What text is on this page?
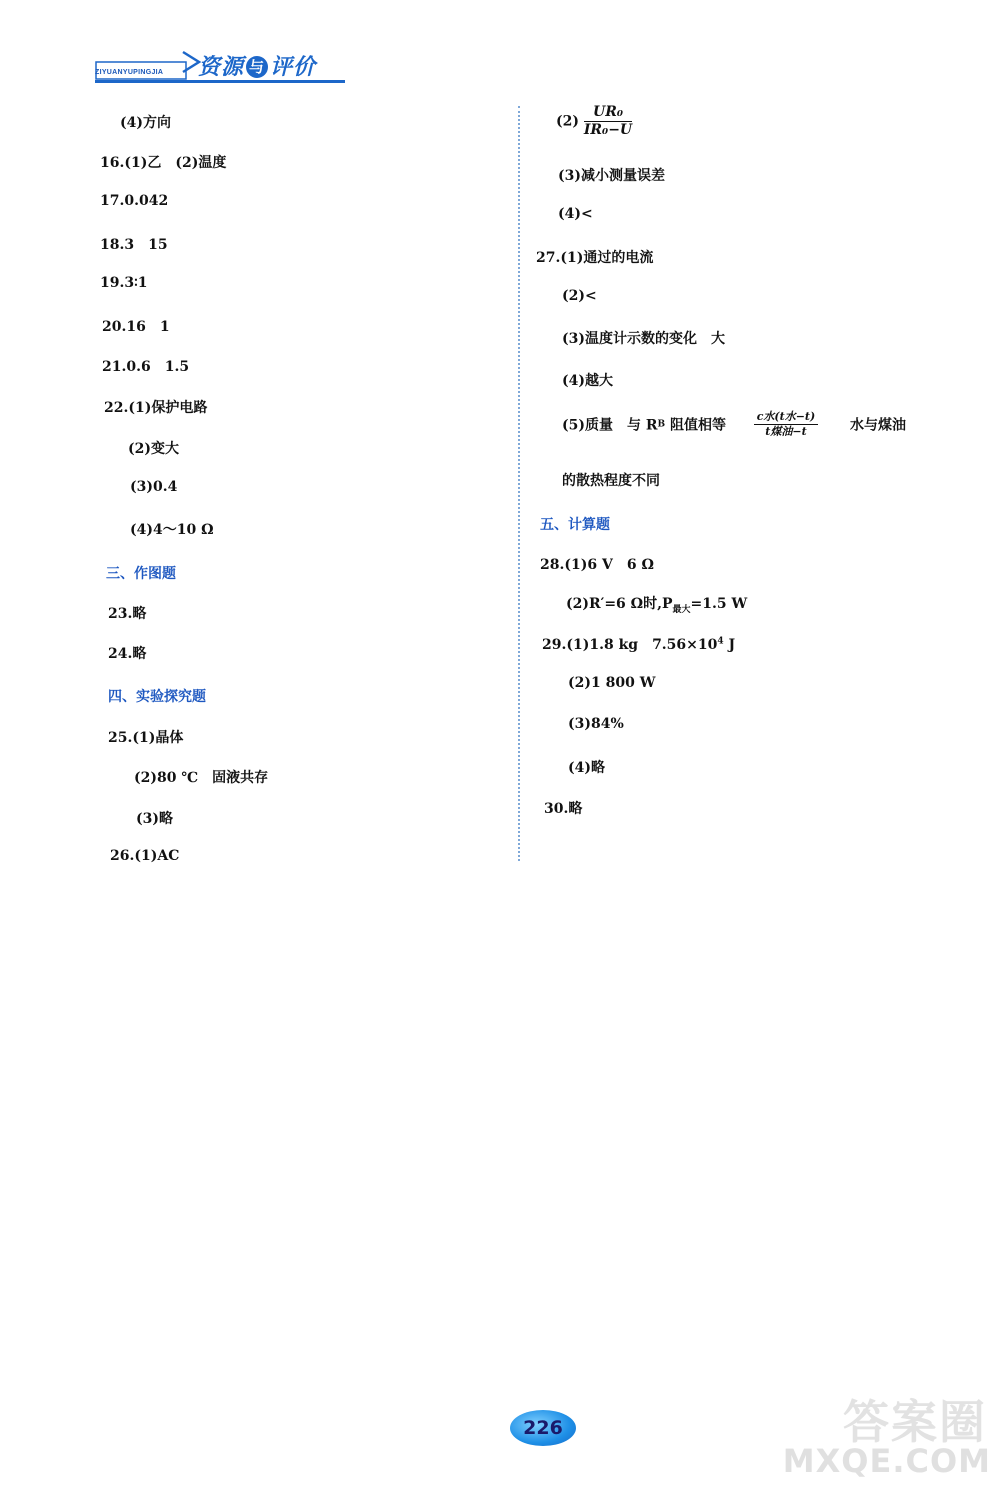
ZIYUANYUPINGJIA	资源 与 评价
(4)方向
16.(1)乙　(2)温度
17.0.042
18.3　15
19.3∶1
20.16　1
21.0.6　1.5
22.(1)保护电路
(2)变大
(3)0.4
(4)4～10 Ω
三、作图题
23.略
24.略
四、实验探究题
25.(1)晶体
(2)80 ℃　固液共存
(3)略
26.(1)AC
$(2) \frac{\text{UR₀}}{\text{IR₀−U}}$
(3)减小测量误差
(4)<
27.(1)通过的电流
(2)<
(3)温度计示数的变化　大
(4)越大
(5)质量　与 RB 阻值相等	$\frac{\text{c水(t水−t)}}{\text{t煤油−t}}$ 水与煤油
的散热程度不同
五、计算题
28.(1)6 V　6 Ω
(2)R′=6 Ω时$,P_{最大}=1.5$ W
29.(1)1.8 kg　$7.56\times 10^4$ J
(2)1 800 W
(3)84%
(4)略
30.略
226	答案圈
MXQE.COM
